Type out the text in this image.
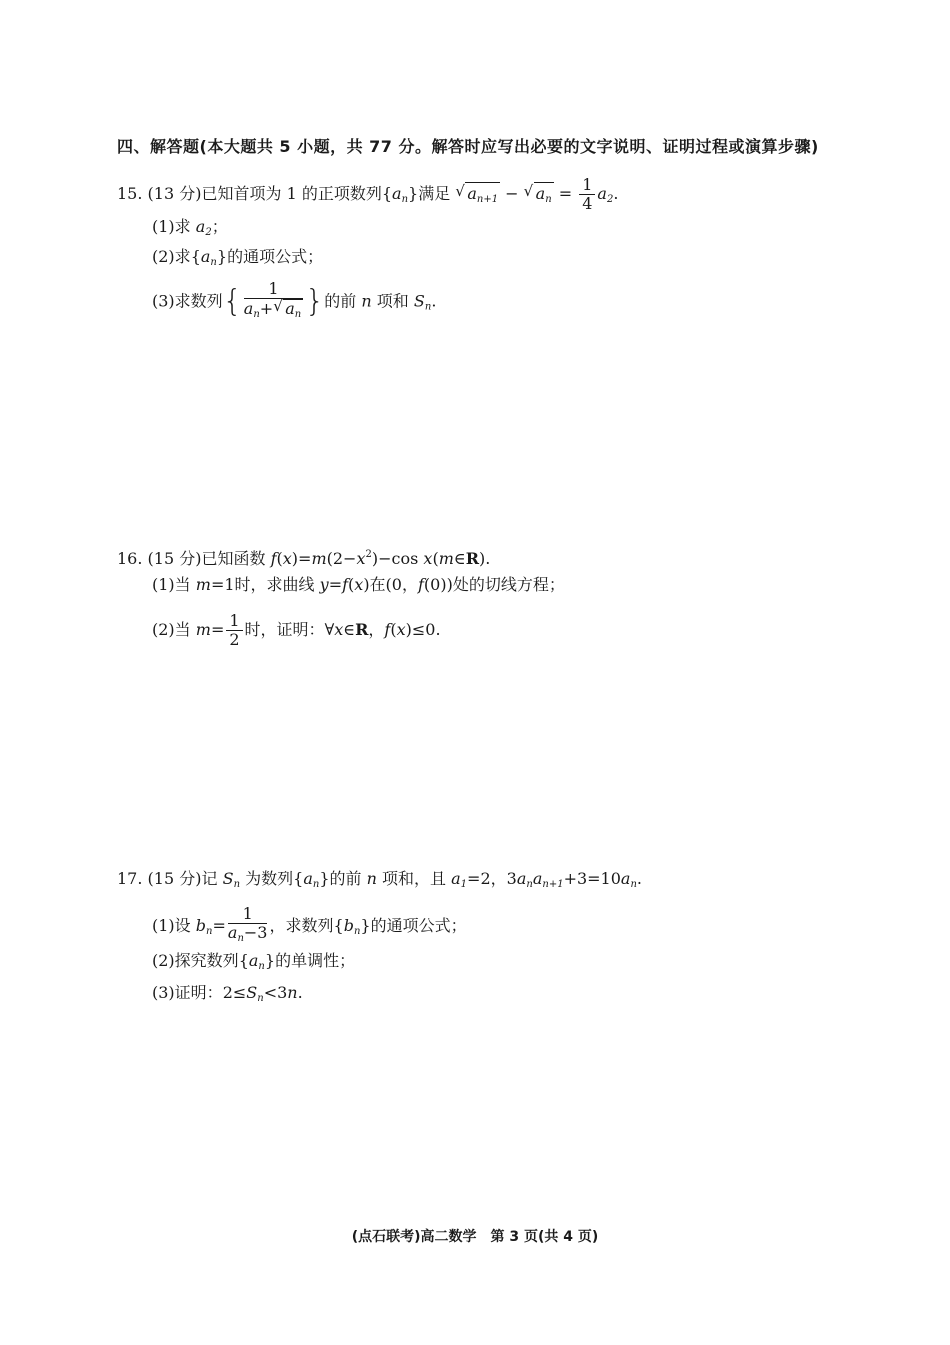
四、解答题(本大题共 5 小题，共 77 分。解答时应写出必要的文字说明、证明过程或演算步骤)
15. (13 分)已知首项为 1 的正项数列$\{a_n\}$满足 √ $a_{n+1}$ − √ $a_n = \frac{1}{4} a_2$.
(1)求 $a_2$；
(2)求$\{a_n\}$的通项公式；
(3)求数列{ $\frac{1}{a_n+ √ a_n}$ }的前 n 项和 $S_n$.
16. (15 分)已知函数 $f(x)=m(2-x^2)-\cos$ x(m∈R).
(1)当 m=1时，求曲线 y=f(x)在(0，f(0))处的切线方程；
(2)当 $m= \frac{1}{2}$ 时，证明：∀x∈R，f(x)≤0.
17. (15 分)记 $S_n$ 为数列$\{a_n\}$的前 n 项和，且 $a_1=2$，$3a_na_{n+1}+3=10a_n$.
(1)设 $b_n= \frac{1}{a_n-3}$ ，求数列$\{b_n\}$的通项公式；
(2)探究数列$\{a_n\}$的单调性；
(3)证明：$2\le S_n<3n$.
(点石联考)高二数学　第 3 页(共 4 页)
